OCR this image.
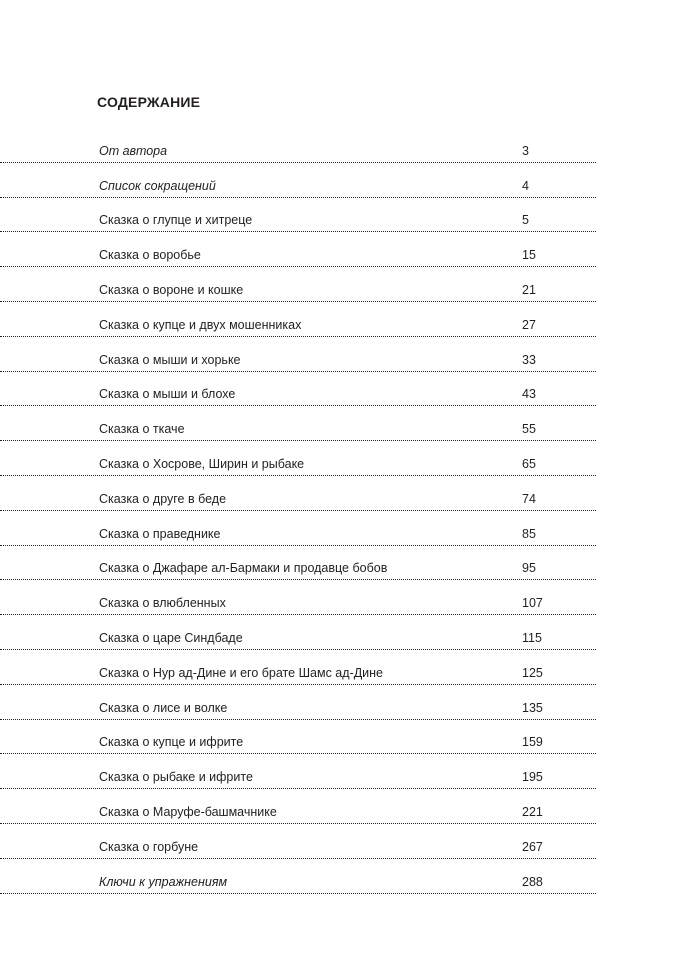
СОДЕРЖАНИЕ
От автора	3
Список сокращений	4
Сказка о глупце и хитреце	5
Сказка о воробье	15
Сказка о вороне и кошке	21
Сказка о купце и двух мошенниках	27
Сказка о мыши и хорьке	33
Сказка о мыши и блохе	43
Сказка о ткаче	55
Сказка о Хосрове, Ширин и рыбаке	65
Сказка о друге в беде	74
Сказка о праведнике	85
Сказка о Джафаре ал-Бармаки и продавце бобов	95
Сказка о влюбленных	107
Сказка о царе Синдбаде	115
Сказка о Нур ад-Дине и его брате Шамс ад-Дине	125
Сказка о лисе и волке	135
Сказка о купце и ифрите	159
Сказка о рыбаке и ифрите	195
Сказка о Маруфе-башмачнике	221
Сказка о горбуне	267
Ключи к упражнениям	288
